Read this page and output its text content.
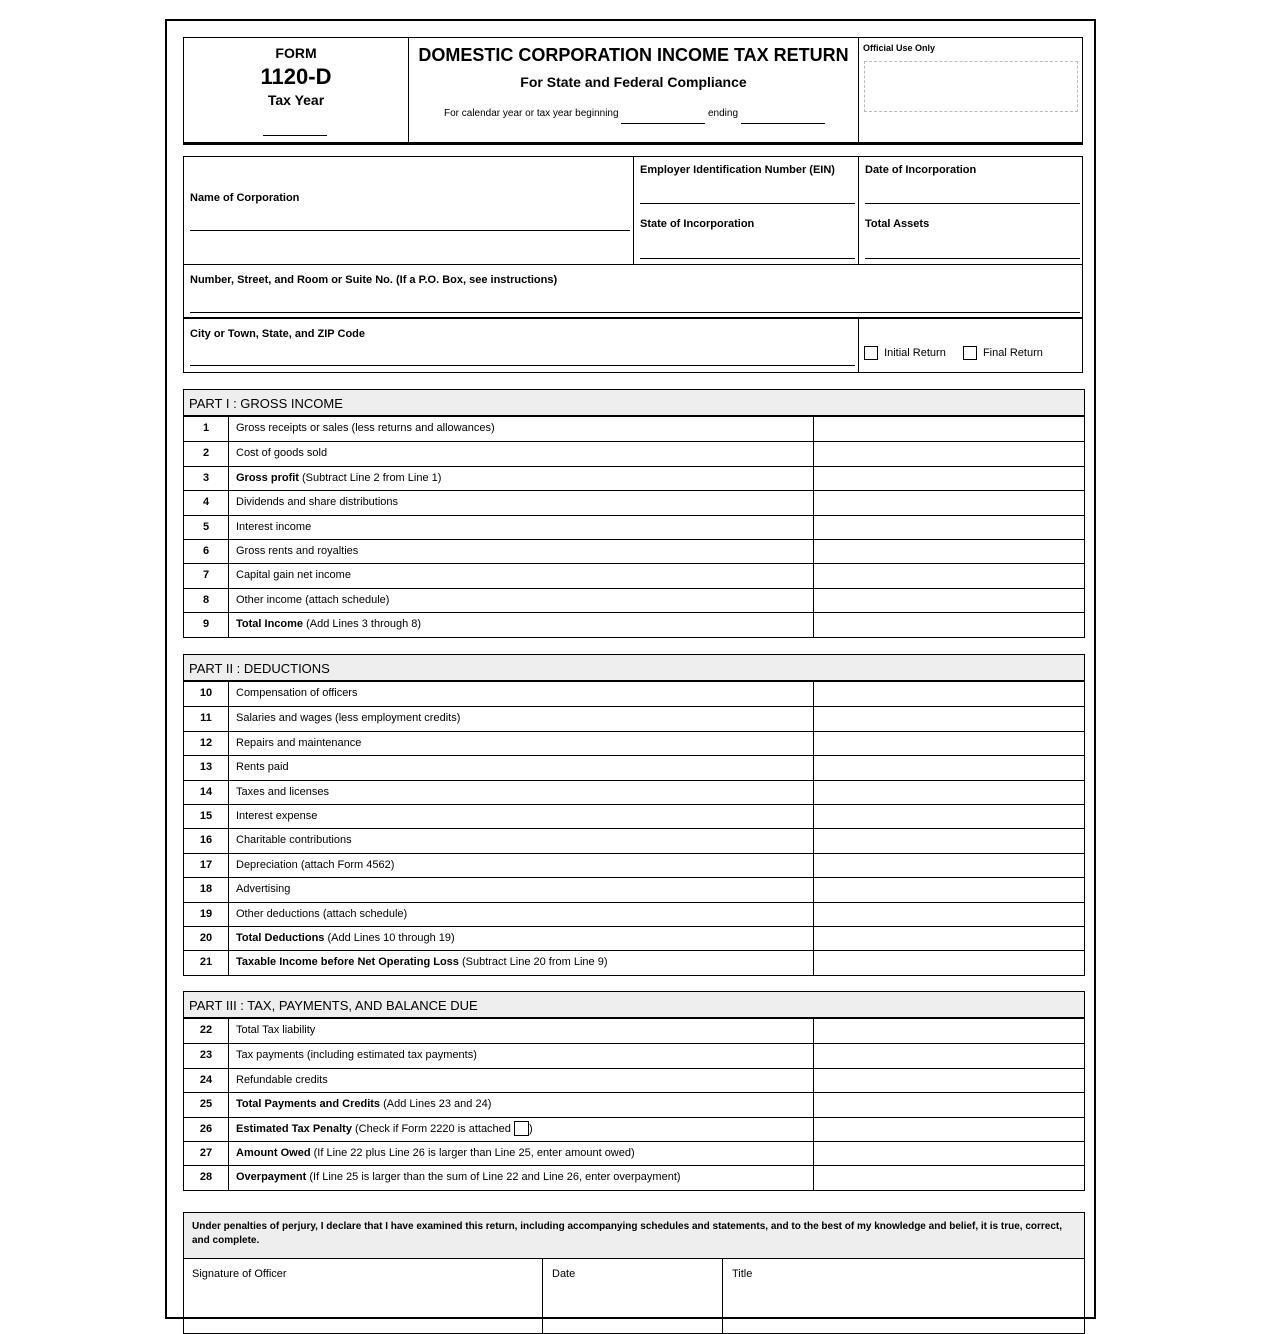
FORM
1120-D
Tax Year
DOMESTIC CORPORATION INCOME TAX RETURN
For State and Federal Compliance
For calendar year or tax year beginning	ending
Official Use Only
Name of Corporation
Employer Identification Number (EIN)	Date of Incorporation
State of Incorporation	Total Assets
Number, Street, and Room or Suite No. (If a P.O. Box, see instructions)
City or Town, State, and ZIP Code
Initial Return	Final Return
PART I : GROSS INCOME
1	Gross receipts or sales (less returns and allowances)
2	Cost of goods sold
3	Gross profit (Subtract Line 2 from Line 1)
4	Dividends and share distributions
5	Interest income
6	Gross rents and royalties
7	Capital gain net income
8	Other income (attach schedule)
9	Total Income (Add Lines 3 through 8)
PART II : DEDUCTIONS
10	Compensation of officers
11	Salaries and wages (less employment credits)
12	Repairs and maintenance
13	Rents paid
14	Taxes and licenses
15	Interest expense
16	Charitable contributions
17	Depreciation (attach Form 4562)
18	Advertising
19	Other deductions (attach schedule)
20	Total Deductions (Add Lines 10 through 19)
21	Taxable Income before Net Operating Loss (Subtract Line 20 from Line 9)
PART III : TAX, PAYMENTS, AND BALANCE DUE
22	Total Tax liability
23	Tax payments (including estimated tax payments)
24	Refundable credits
25	Total Payments and Credits (Add Lines 23 and 24)
26	Estimated Tax Penalty (Check if Form 2220 is attached )
27	Amount Owed (If Line 22 plus Line 26 is larger than Line 25, enter amount owed)
28	Overpayment (If Line 25 is larger than the sum of Line 22 and Line 26, enter overpayment)
Under penalties of perjury, I declare that I have examined this return, including accompanying schedules and statements, and to the best of my knowledge and belief, it is true, correct, and complete.
Signature of Officer	Date	Title
